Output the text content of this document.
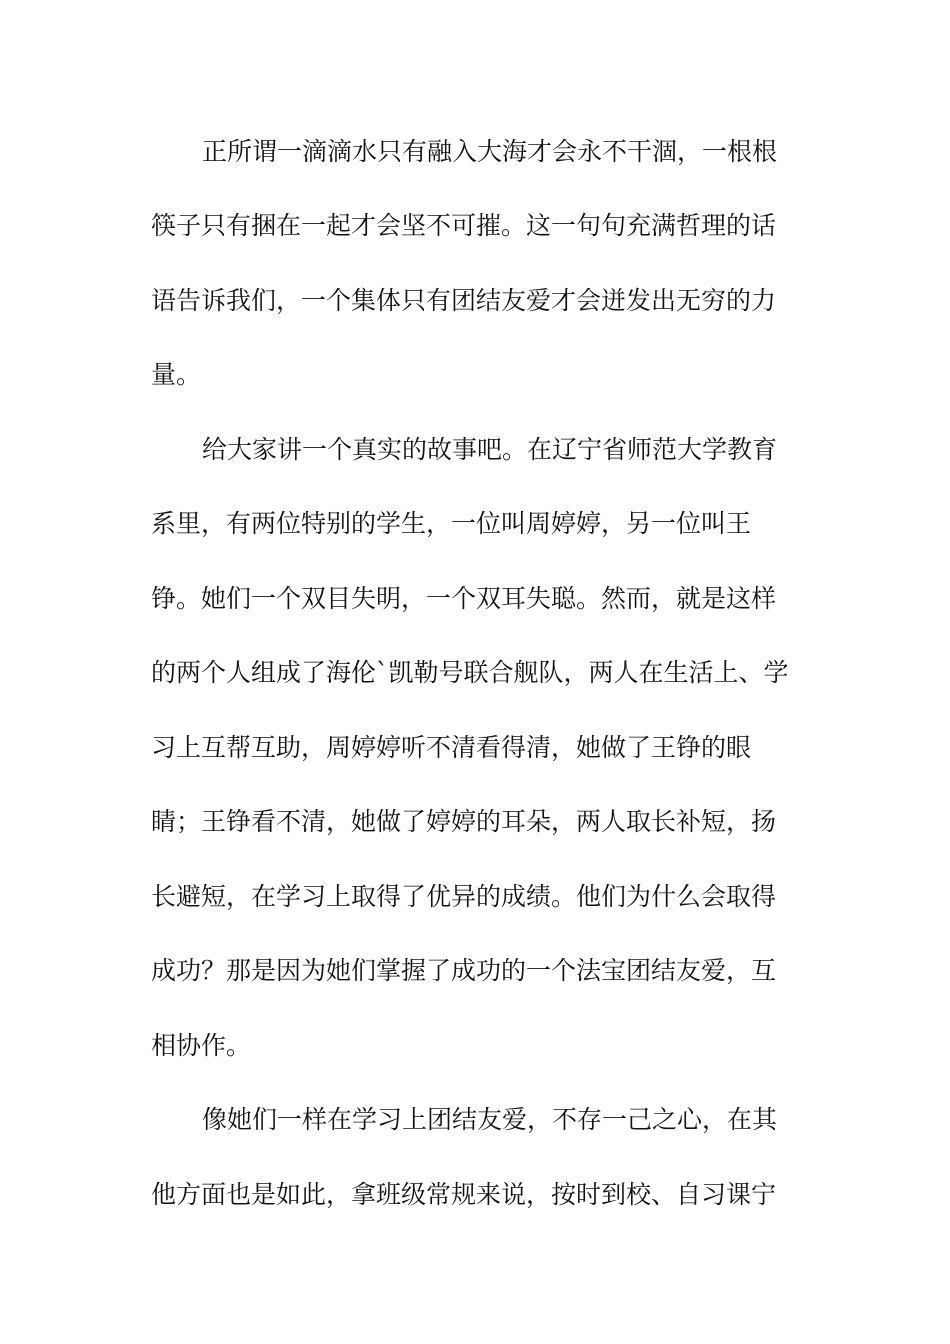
正所谓一滴滴水只有融入大海才会永不干涸，一根根

筷子只有捆在一起才会坚不可摧。这一句句充满哲理的话

语告诉我们，一个集体只有团结友爱才会迸发出无穷的力

量。

给大家讲一个真实的故事吧。在辽宁省师范大学教育

系里，有两位特别的学生，一位叫周婷婷，另一位叫王

铮。她们一个双目失明，一个双耳失聪。然而，就是这样

的两个人组成了海伦`凯勒号联合舰队，两人在生活上、学

习上互帮互助，周婷婷听不清看得清，她做了王铮的眼

睛；王铮看不清，她做了婷婷的耳朵，两人取长补短，扬

长避短，在学习上取得了优异的成绩。他们为什么会取得

成功？那是因为她们掌握了成功的一个法宝团结友爱，互

相协作。

像她们一样在学习上团结友爱，不存一己之心，在其

他方面也是如此，拿班级常规来说，按时到校、自习课宁
